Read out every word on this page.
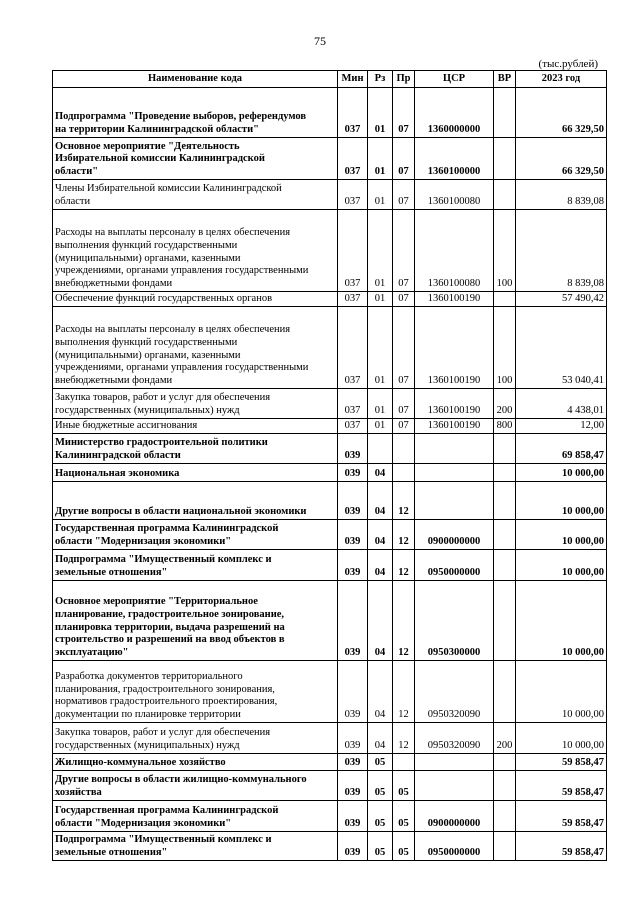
75
(тыс.рублей)
Наименование кода	Мин	Рз	Пр	ЦСР	ВР	2023 год
Подпрограмма "Проведение выборов, референдумов
на территории Калининградской области"	037	01	07	1360000000		66 329,50
Основное мероприятие "Деятельность
Избирательной комиссии Калининградской
области"	037	01	07	1360100000		66 329,50
Члены Избирательной комиссии Калининградской
области	037	01	07	1360100080		8 839,08
Расходы на выплаты персоналу в целях обеспечения
выполнения функций государственными
(муниципальными) органами, казенными
учреждениями, органами управления государственными
внебюджетными фондами	037	01	07	1360100080	100	8 839,08
Обеспечение функций государственных органов	037	01	07	1360100190		57 490,42
Расходы на выплаты персоналу в целях обеспечения
выполнения функций государственными
(муниципальными) органами, казенными
учреждениями, органами управления государственными
внебюджетными фондами	037	01	07	1360100190	100	53 040,41
Закупка товаров, работ и услуг для обеспечения
государственных (муниципальных) нужд	037	01	07	1360100190	200	4 438,01
Иные бюджетные ассигнования	037	01	07	1360100190	800	12,00
Министерство градостроительной политики
Калининградской области	039					69 858,47
Национальная экономика	039	04				10 000,00
Другие вопросы в области национальной экономики	039	04	12			10 000,00
Государственная программа Калининградской
области "Модернизация экономики"	039	04	12	0900000000		10 000,00
Подпрограмма "Имущественный комплекс и
земельные отношения"	039	04	12	0950000000		10 000,00
Основное мероприятие "Территориальное
планирование, градостроительное зонирование,
планировка территории, выдача разрешений на
строительство и разрешений на ввод объектов в
эксплуатацию"	039	04	12	0950300000		10 000,00
Разработка документов территориального
планирования, градостроительного зонирования,
нормативов градостроительного проектирования,
документации по планировке территории	039	04	12	0950320090		10 000,00
Закупка товаров, работ и услуг для обеспечения
государственных (муниципальных) нужд	039	04	12	0950320090	200	10 000,00
Жилищно-коммунальное хозяйство	039	05				59 858,47
Другие вопросы в области жилищно-коммунального
хозяйства	039	05	05			59 858,47
Государственная программа Калининградской
области "Модернизация экономики"	039	05	05	0900000000		59 858,47
Подпрограмма "Имущественный комплекс и
земельные отношения"	039	05	05	0950000000		59 858,47
